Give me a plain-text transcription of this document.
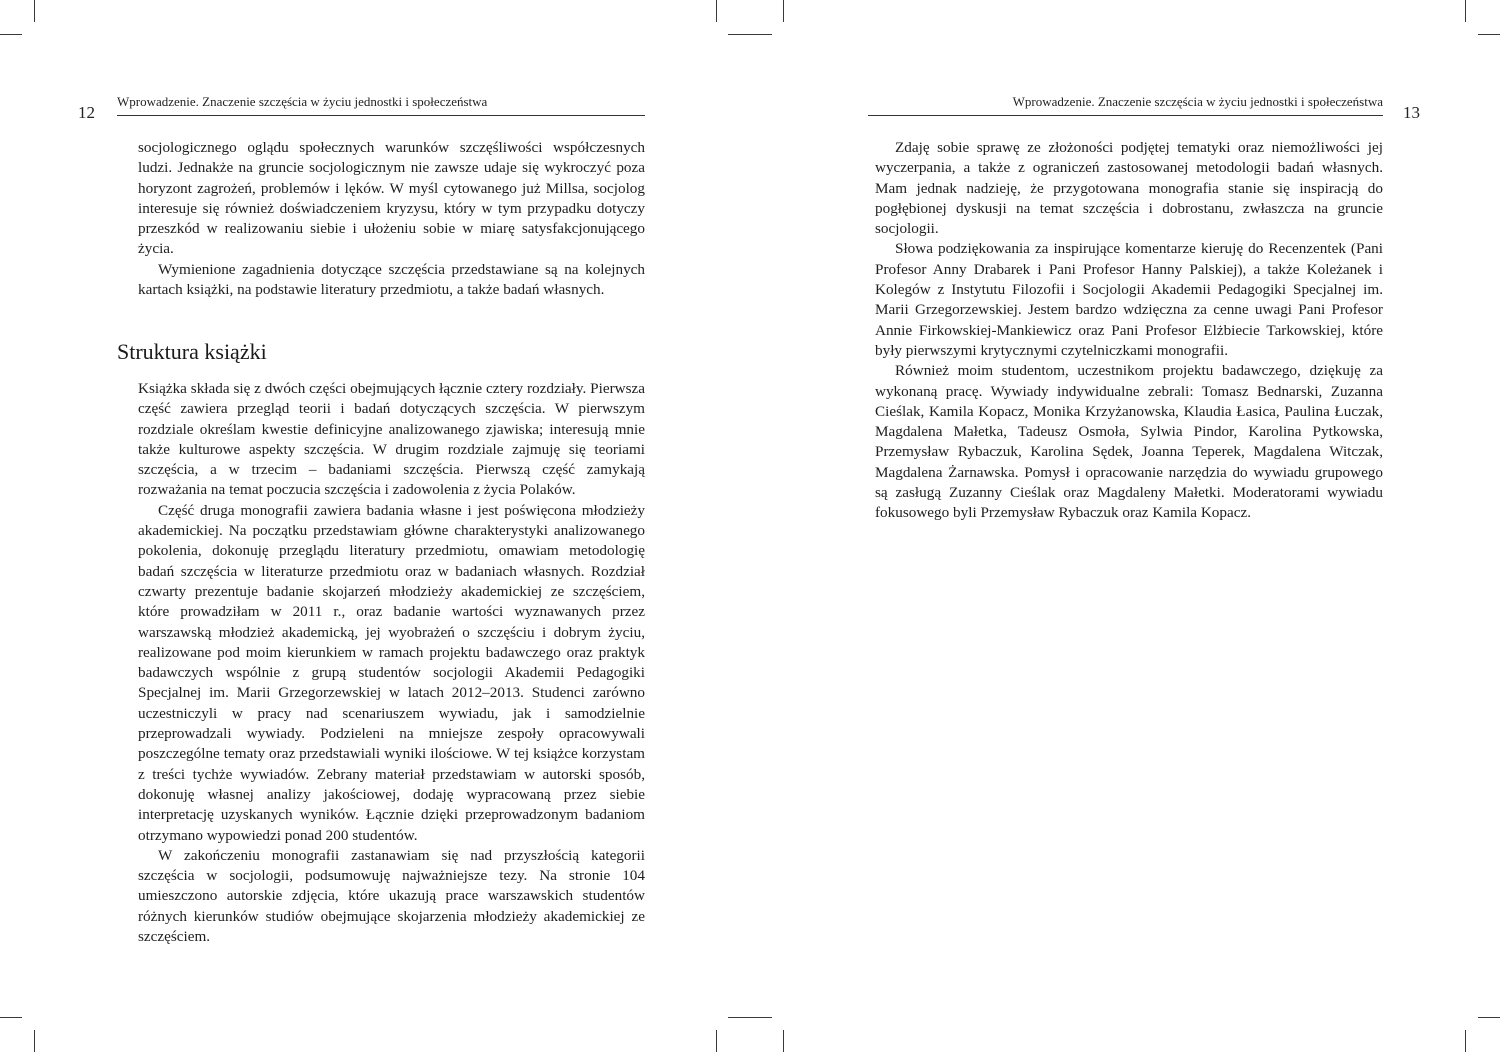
12
Wprowadzenie. Znaczenie szczęścia w życiu jednostki i społeczeństwa

socjologicznego oglądu społecznych warunków szczęśliwości współczesnych ludzi. Jednakże na gruncie socjologicznym nie zawsze udaje się wykroczyć poza horyzont zagrożeń, problemów i lęków. W myśl cytowanego już Millsa, socjolog interesuje się również doświadczeniem kryzysu, który w tym przypadku dotyczy przeszkód w realizowaniu siebie i ułożeniu sobie w miarę satysfakcjonującego życia.

Wymienione zagadnienia dotyczące szczęścia przedstawiane są na kolejnych kartach książki, na podstawie literatury przedmiotu, a także badań własnych.

Struktura książki

Książka składa się z dwóch części obejmujących łącznie cztery rozdziały. Pierwsza część zawiera przegląd teorii i badań dotyczących szczęścia. W pierwszym rozdziale określam kwestie definicyjne analizowanego zjawiska; interesują mnie także kulturowe aspekty szczęścia. W drugim rozdziale zajmuję się teoriami szczęścia, a w trzecim – badaniami szczęścia. Pierwszą część zamykają rozważania na temat poczucia szczęścia i zadowolenia z życia Polaków.

Część druga monografii zawiera badania własne i jest poświęcona młodzieży akademickiej. Na początku przedstawiam główne charakterystyki analizowanego pokolenia, dokonuję przeglądu literatury przedmiotu, omawiam metodologię badań szczęścia w literaturze przedmiotu oraz w badaniach własnych. Rozdział czwarty prezentuje badanie skojarzeń młodzieży akademickiej ze szczęściem, które prowadziłam w 2011 r., oraz badanie wartości wyznawanych przez warszawską młodzież akademicką, jej wyobrażeń o szczęściu i dobrym życiu, realizowane pod moim kierunkiem w ramach projektu badawczego oraz praktyk badawczych wspólnie z grupą studentów socjologii Akademii Pedagogiki Specjalnej im. Marii Grzegorzewskiej w latach 2012–2013. Studenci zarówno uczestniczyli w pracy nad scenariuszem wywiadu, jak i samodzielnie przeprowadzali wywiady. Podzieleni na mniejsze zespoły opracowywali poszczególne tematy oraz przedstawiali wyniki ilościowe. W tej książce korzystam z treści tychże wywiadów. Zebrany materiał przedstawiam w autorski sposób, dokonuję własnej analizy jakościowej, dodaję wypracowaną przez siebie interpretację uzyskanych wyników. Łącznie dzięki przeprowadzonym badaniom otrzymano wypowiedzi ponad 200 studentów.

W zakończeniu monografii zastanawiam się nad przyszłością kategorii szczęścia w socjologii, podsumowuję najważniejsze tezy. Na stronie 104 umieszczono autorskie zdjęcia, które ukazują prace warszawskich studentów różnych kierunków studiów obejmujące skojarzenia młodzieży akademickiej ze szczęściem.

Wprowadzenie. Znaczenie szczęścia w życiu jednostki i społeczeństwa
13

Zdaję sobie sprawę ze złożoności podjętej tematyki oraz niemożliwości jej wyczerpania, a także z ograniczeń zastosowanej metodologii badań własnych. Mam jednak nadzieję, że przygotowana monografia stanie się inspiracją do pogłębionej dyskusji na temat szczęścia i dobrostanu, zwłaszcza na gruncie socjologii.

Słowa podziękowania za inspirujące komentarze kieruję do Recenzentek (Pani Profesor Anny Drabarek i Pani Profesor Hanny Palskiej), a także Koleżanek i Kolegów z Instytutu Filozofii i Socjologii Akademii Pedagogiki Specjalnej im. Marii Grzegorzewskiej. Jestem bardzo wdzięczna za cenne uwagi Pani Profesor Annie Firkowskiej-Mankiewicz oraz Pani Profesor Elżbiecie Tarkowskiej, które były pierwszymi krytycznymi czytelniczkami monografii.

Również moim studentom, uczestnikom projektu badawczego, dziękuję za wykonaną pracę. Wywiady indywidualne zebrali: Tomasz Bednarski, Zuzanna Cieślak, Kamila Kopacz, Monika Krzyżanowska, Klaudia Łasica, Paulina Łuczak, Magdalena Małetka, Tadeusz Osmoła, Sylwia Pindor, Karolina Pytkowska, Przemysław Rybaczuk, Karolina Sędek, Joanna Teperek, Magdalena Witczak, Magdalena Żarnawska. Pomysł i opracowanie narzędzia do wywiadu grupowego są zasługą Zuzanny Cieślak oraz Magdaleny Małetki. Moderatorami wywiadu fokusowego byli Przemysław Rybaczuk oraz Kamila Kopacz.
